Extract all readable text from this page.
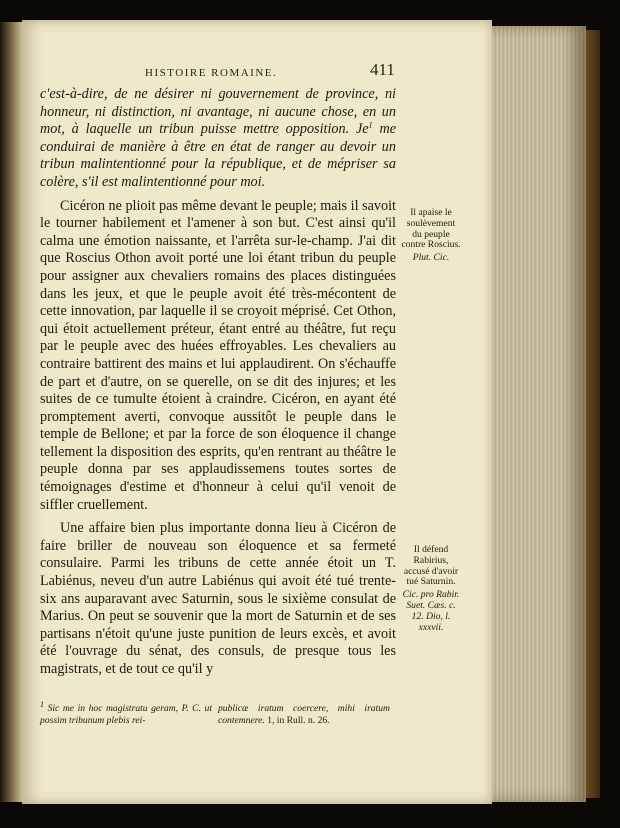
HISTOIRE ROMAINE.	411

c'est-à-dire, de ne désirer ni gouvernement de province, ni honneur, ni distinction, ni avantage, ni aucune chose, en un mot, à laquelle un tribun puisse mettre opposition. Je$^1$ me conduirai de manière à être en état de ranger au devoir un tribun malintentionné pour la république, et de mépriser sa colère, s'il est malintentionné pour moi.

Cicéron ne plioit pas même devant le peuple; mais il savoit le tourner habilement et l'amener à son but. C'est ainsi qu'il calma une émotion naissante, et l'arrêta sur-le-champ. J'ai dit que Roscius Othon avoit porté une loi étant tribun du peuple pour assigner aux chevaliers romains des places distinguées dans les jeux, et que le peuple avoit été très-mécontent de cette innovation, par laquelle il se croyoit méprisé. Cet Othon, qui étoit actuellement préteur, étant entré au théâtre, fut reçu par le peuple avec des huées effroyables. Les chevaliers au contraire battirent des mains et lui applaudirent. On s'échauffe de part et d'autre, on se querelle, on se dit des injures; et les suites de ce tumulte étoient à craindre. Cicéron, en ayant été promptement averti, convoque aussitôt le peuple dans le temple de Bellone; et par la force de son éloquence il change tellement la disposition des esprits, qu'en rentrant au théâtre le peuple donna par ses applaudissemens toutes sortes de témoignages d'estime et d'honneur à celui qu'il venoit de siffler cruellement.

Une affaire bien plus importante donna lieu à Cicéron de faire briller de nouveau son éloquence et sa fermeté consulaire. Parmi les tribuns de cette année étoit un T. Labiénus, neveu d'un autre Labiénus qui avoit été tué trente-six ans auparavant avec Saturnin, sous le sixième consulat de Marius. On peut se souvenir que la mort de Saturnin et de ses partisans n'étoit qu'une juste punition de leurs excès, et avoit été l'ouvrage du sénat, des consuls, de presque tous les magistrats, et de tout ce qu'il y

Il apaise le soulèvement du peuple contre Roscius.
Plut. Cic.
Il défend Rabirius, accusé d'avoir tué Saturnin.
Cic. pro Rabir. Suet. Cæs. c. 12. Dio, l. xxxvii.
$^1$ Sic me in hoc magistratu geram, P. C. ut possim tribunum plebis rei-
publicæ iratum coercere, mihi iratum contemnere. 1, in Rull. n. 26.
